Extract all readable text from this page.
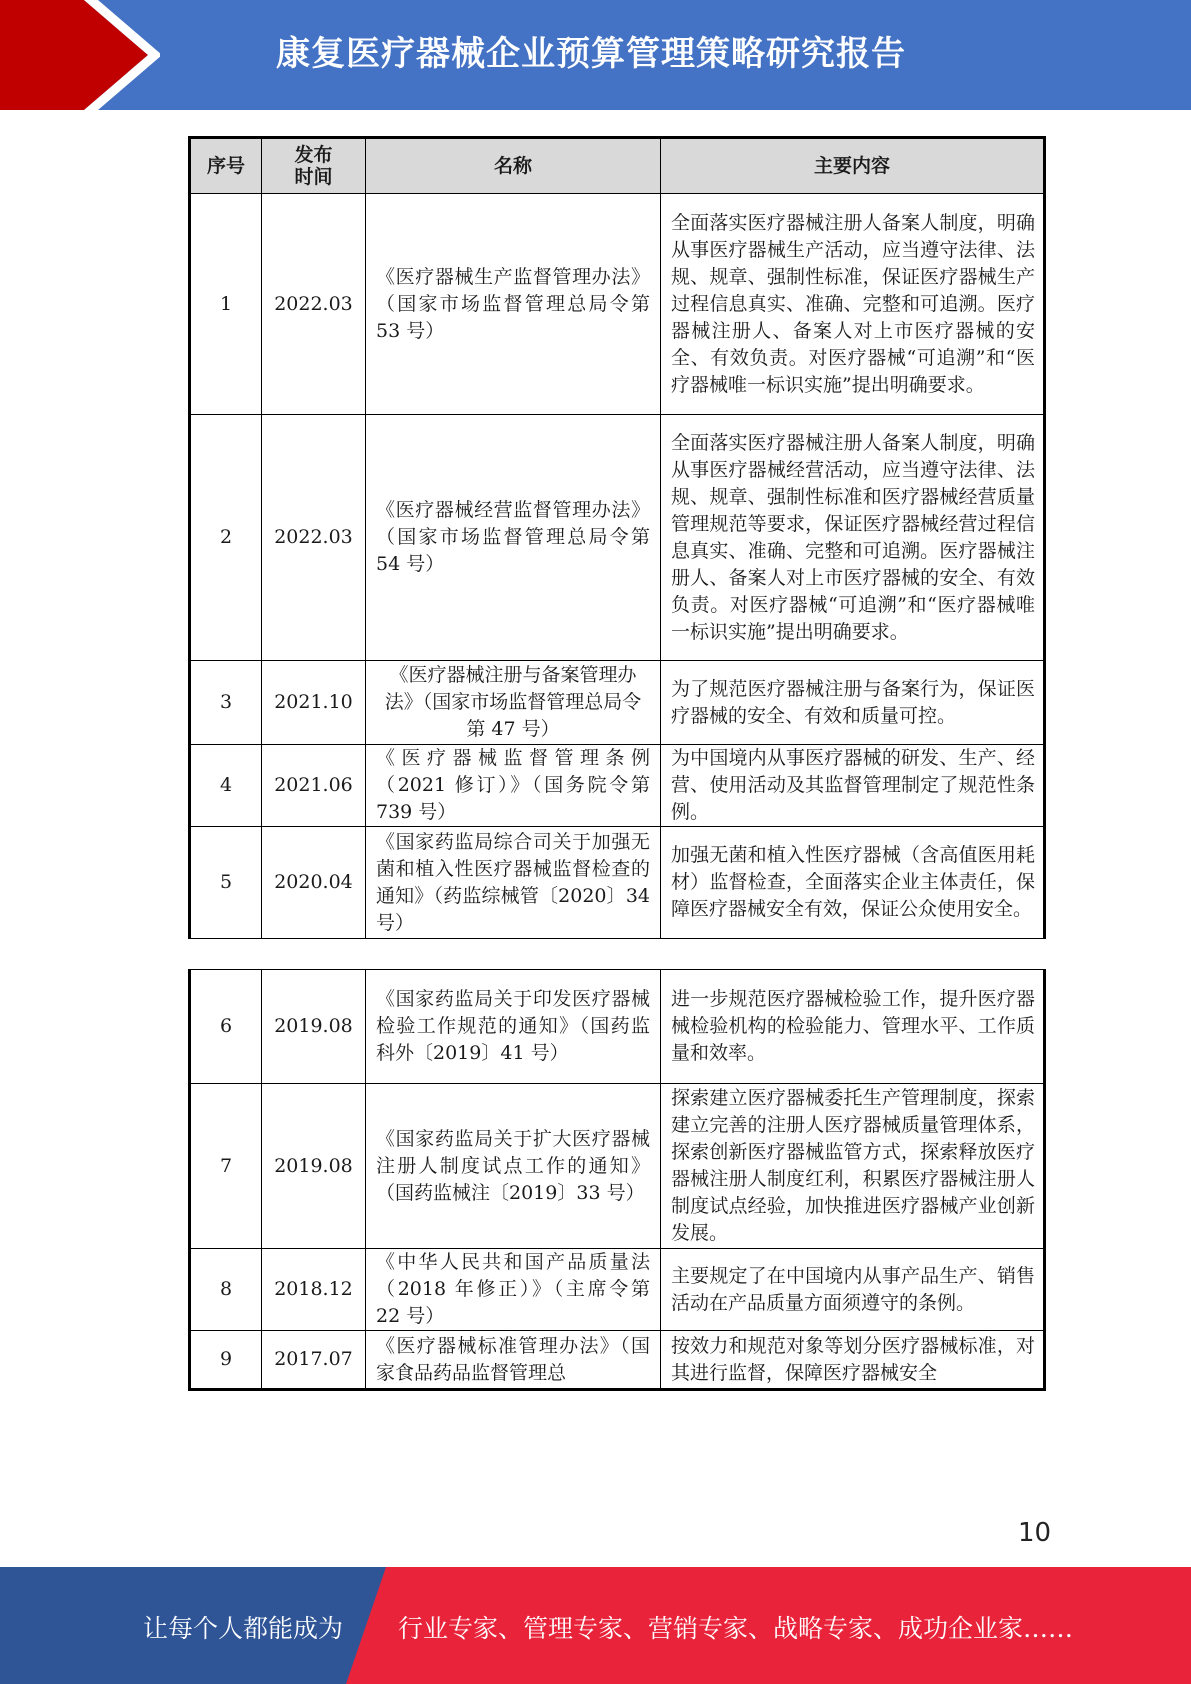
康复医疗器械企业预算管理策略研究报告
序号	发布时间	名称	主要内容
1	2022.03	《医疗器械生产监督管理办法》（国家市场监督管理总局令第 53 号）	全面落实医疗器械注册人备案人制度，明确从事医疗器械生产活动，应当遵守法律、法规、规章、强制性标准，保证医疗器械生产过程信息真实、准确、完整和可追溯。医疗器械注册人、备案人对上市医疗器械的安全、有效负责。对医疗器械“可追溯”和“医疗器械唯一标识实施”提出明确要求。
2	2022.03	《医疗器械经营监督管理办法》（国家市场监督管理总局令第 54 号）	全面落实医疗器械注册人备案人制度，明确从事医疗器械经营活动，应当遵守法律、法规、规章、强制性标准和医疗器械经营质量管理规范等要求，保证医疗器械经营过程信息真实、准确、完整和可追溯。医疗器械注册人、备案人对上市医疗器械的安全、有效负责。对医疗器械“可追溯”和“医疗器械唯一标识实施”提出明确要求。
3	2021.10	《医疗器械注册与备案管理办法》（国家市场监督管理总局令第 47 号）	为了规范医疗器械注册与备案行为，保证医疗器械的安全、有效和质量可控。
4	2021.06	《医疗器械监督管理条例（2021 修订）》（国务院令第 739 号）	为中国境内从事医疗器械的研发、生产、经营、使用活动及其监督管理制定了规范性条例。
5	2020.04	《国家药监局综合司关于加强无菌和植入性医疗器械监督检查的通知》（药监综械管〔2020〕34 号）	加强无菌和植入性医疗器械（含高值医用耗材）监督检查，全面落实企业主体责任，保障医疗器械安全有效，保证公众使用安全。
6	2019.08	《国家药监局关于印发医疗器械检验工作规范的通知》（国药监科外〔2019〕41 号）	进一步规范医疗器械检验工作，提升医疗器械检验机构的检验能力、管理水平、工作质量和效率。
7	2019.08	《国家药监局关于扩大医疗器械注册人制度试点工作的通知》（国药监械注〔2019〕33 号）	探索建立医疗器械委托生产管理制度，探索建立完善的注册人医疗器械质量管理体系，探索创新医疗器械监管方式，探索释放医疗器械注册人制度红利，积累医疗器械注册人制度试点经验，加快推进医疗器械产业创新发展。
8	2018.12	《中华人民共和国产品质量法（2018 年修正）》（主席令第 22 号）	主要规定了在中国境内从事产品生产、销售活动在产品质量方面须遵守的条例。
9	2017.07	《医疗器械标准管理办法》（国家食品药品监督管理总	按效力和规范对象等划分医疗器械标准，对其进行监督，保障医疗器械安全
10
让每个人都能成为 行业专家、管理专家、营销专家、战略专家、成功企业家……
